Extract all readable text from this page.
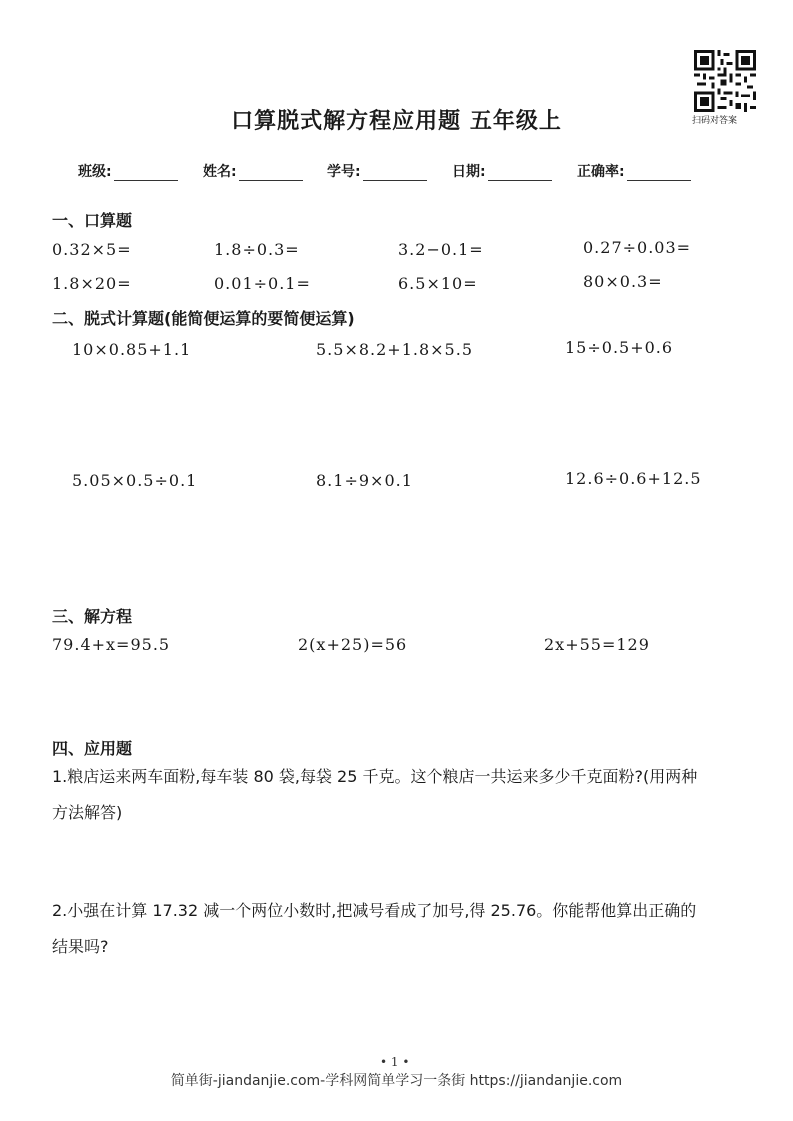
扫码对答案
口算脱式解方程应用题 五年级上
班级:	姓名:	学号:	日期:	正确率:
一、口算题
0.32×5=	1.8÷0.3=	3.2−0.1=	0.27÷0.03=
1.8×20=	0.01÷0.1=	6.5×10=	80×0.3=
二、脱式计算题(能简便运算的要简便运算)
10×0.85+1.1	5.5×8.2+1.8×5.5	15÷0.5+0.6
5.05×0.5÷0.1	8.1÷9×0.1	12.6÷0.6+12.5
三、解方程
79.4+x=95.5	2(x+25)=56	2x+55=129
四、应用题
1.粮店运来两车面粉,每车装 80 袋,每袋 25 千克。这个粮店一共运来多少千克面粉?(用两种方法解答)
2.小强在计算 17.32 减一个两位小数时,把减号看成了加号,得 25.76。你能帮他算出正确的结果吗?
• 1 •
简单街-jiandanjie.com-学科网简单学习一条街 https://jiandanjie.com
